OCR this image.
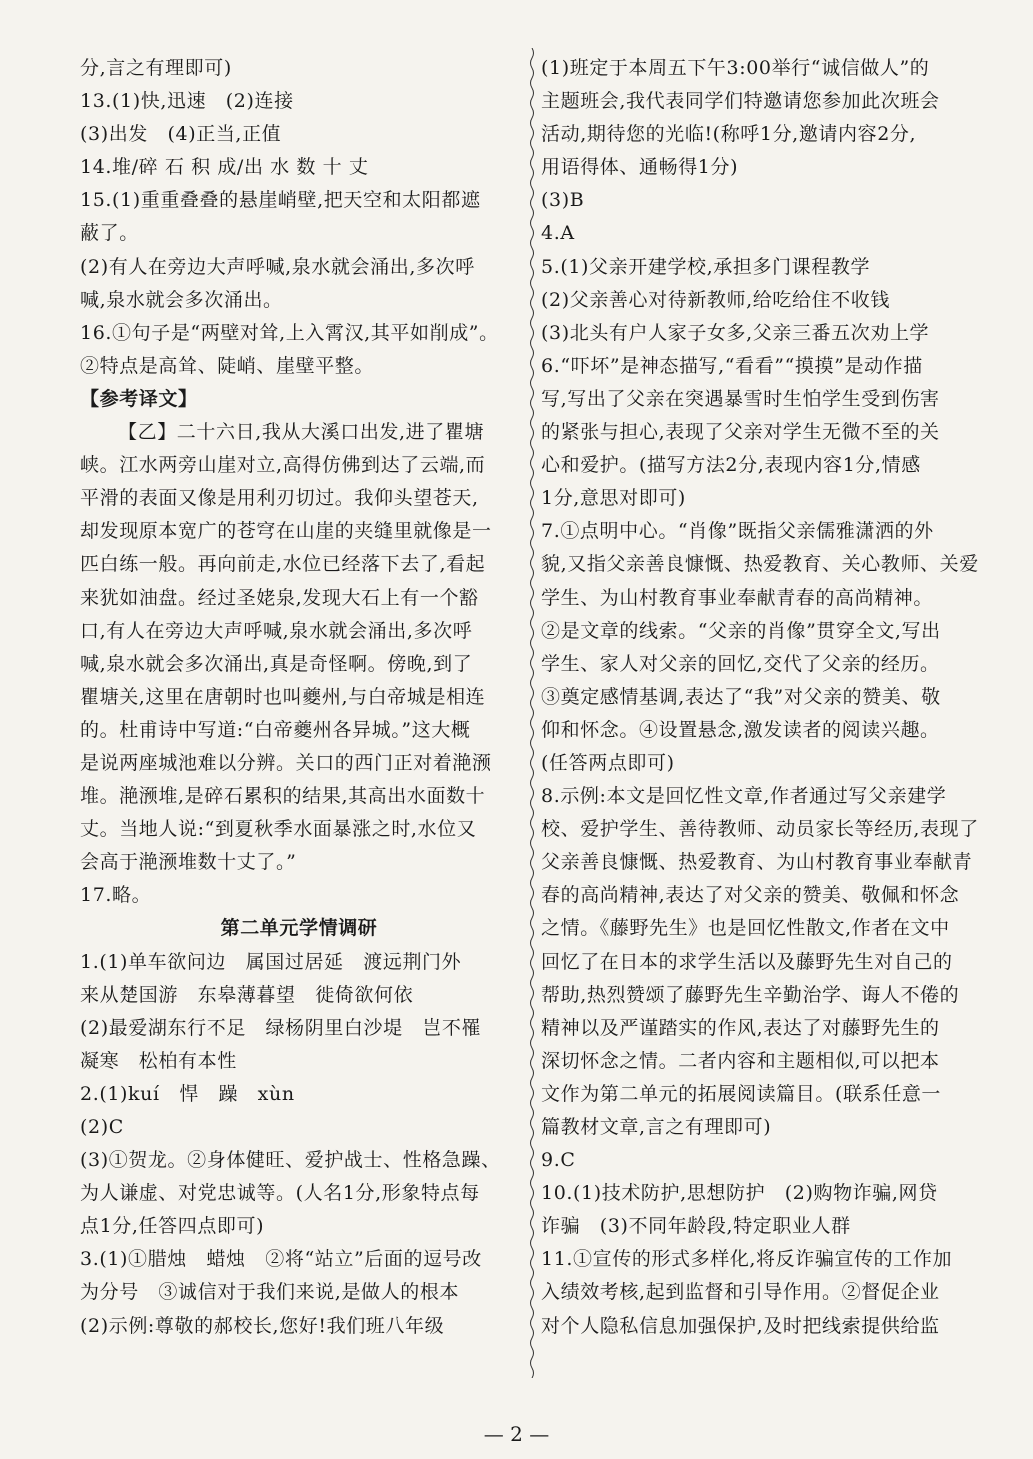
分,言之有理即可)
13.(1)快,迅速　(2)连接
(3)出发　(4)正当,正值
14.堆/碎 石 积 成/出 水 数 十 丈
15.(1)重重叠叠的悬崖峭壁,把天空和太阳都遮
蔽了。
(2)有人在旁边大声呼喊,泉水就会涌出,多次呼
喊,泉水就会多次涌出。
16.①句子是“两壁对耸,上入霄汉,其平如削成”。
②特点是高耸、陡峭、崖壁平整。
【参考译文】
【乙】二十六日,我从大溪口出发,进了瞿塘
峡。江水两旁山崖对立,高得仿佛到达了云端,而
平滑的表面又像是用利刃切过。我仰头望苍天,
却发现原本宽广的苍穹在山崖的夹缝里就像是一
匹白练一般。再向前走,水位已经落下去了,看起
来犹如油盘。经过圣姥泉,发现大石上有一个豁
口,有人在旁边大声呼喊,泉水就会涌出,多次呼
喊,泉水就会多次涌出,真是奇怪啊。傍晚,到了
瞿塘关,这里在唐朝时也叫夔州,与白帝城是相连
的。杜甫诗中写道:“白帝夔州各异城。”这大概
是说两座城池难以分辨。关口的西门正对着滟滪
堆。滟滪堆,是碎石累积的结果,其高出水面数十
丈。当地人说:“到夏秋季水面暴涨之时,水位又
会高于滟滪堆数十丈了。”
17.略。
第二单元学情调研
1.(1)单车欲问边　属国过居延　渡远荆门外
来从楚国游　东皋薄暮望　徙倚欲何依
(2)最爱湖东行不足　绿杨阴里白沙堤　岂不罹
凝寒　松柏有本性
2.(1)kuí　悍　躁　xùn
(2)C
(3)①贺龙。②身体健旺、爱护战士、性格急躁、
为人谦虚、对党忠诚等。(人名1分,形象特点每
点1分,任答四点即可)
3.(1)①腊烛　蜡烛　②将“站立”后面的逗号改
为分号　③诚信对于我们来说,是做人的根本
(2)示例:尊敬的郝校长,您好!我们班八年级
(1)班定于本周五下午3:00举行“诚信做人”的
主题班会,我代表同学们特邀请您参加此次班会
活动,期待您的光临!(称呼1分,邀请内容2分,
用语得体、通畅得1分)
(3)B
4.A
5.(1)父亲开建学校,承担多门课程教学
(2)父亲善心对待新教师,给吃给住不收钱
(3)北头有户人家子女多,父亲三番五次劝上学
6.“吓坏”是神态描写,“看看”“摸摸”是动作描
写,写出了父亲在突遇暴雪时生怕学生受到伤害
的紧张与担心,表现了父亲对学生无微不至的关
心和爱护。(描写方法2分,表现内容1分,情感
1分,意思对即可)
7.①点明中心。“肖像”既指父亲儒雅潇洒的外
貌,又指父亲善良慷慨、热爱教育、关心教师、关爱
学生、为山村教育事业奉献青春的高尚精神。
②是文章的线索。“父亲的肖像”贯穿全文,写出
学生、家人对父亲的回忆,交代了父亲的经历。
③奠定感情基调,表达了“我”对父亲的赞美、敬
仰和怀念。④设置悬念,激发读者的阅读兴趣。
(任答两点即可)
8.示例:本文是回忆性文章,作者通过写父亲建学
校、爱护学生、善待教师、动员家长等经历,表现了
父亲善良慷慨、热爱教育、为山村教育事业奉献青
春的高尚精神,表达了对父亲的赞美、敬佩和怀念
之情。《藤野先生》也是回忆性散文,作者在文中
回忆了在日本的求学生活以及藤野先生对自己的
帮助,热烈赞颂了藤野先生辛勤治学、诲人不倦的
精神以及严谨踏实的作风,表达了对藤野先生的
深切怀念之情。二者内容和主题相似,可以把本
文作为第二单元的拓展阅读篇目。(联系任意一
篇教材文章,言之有理即可)
9.C
10.(1)技术防护,思想防护　(2)购物诈骗,网贷
诈骗　(3)不同年龄段,特定职业人群
11.①宣传的形式多样化,将反诈骗宣传的工作加
入绩效考核,起到监督和引导作用。②督促企业
对个人隐私信息加强保护,及时把线索提供给监
— 2 —
